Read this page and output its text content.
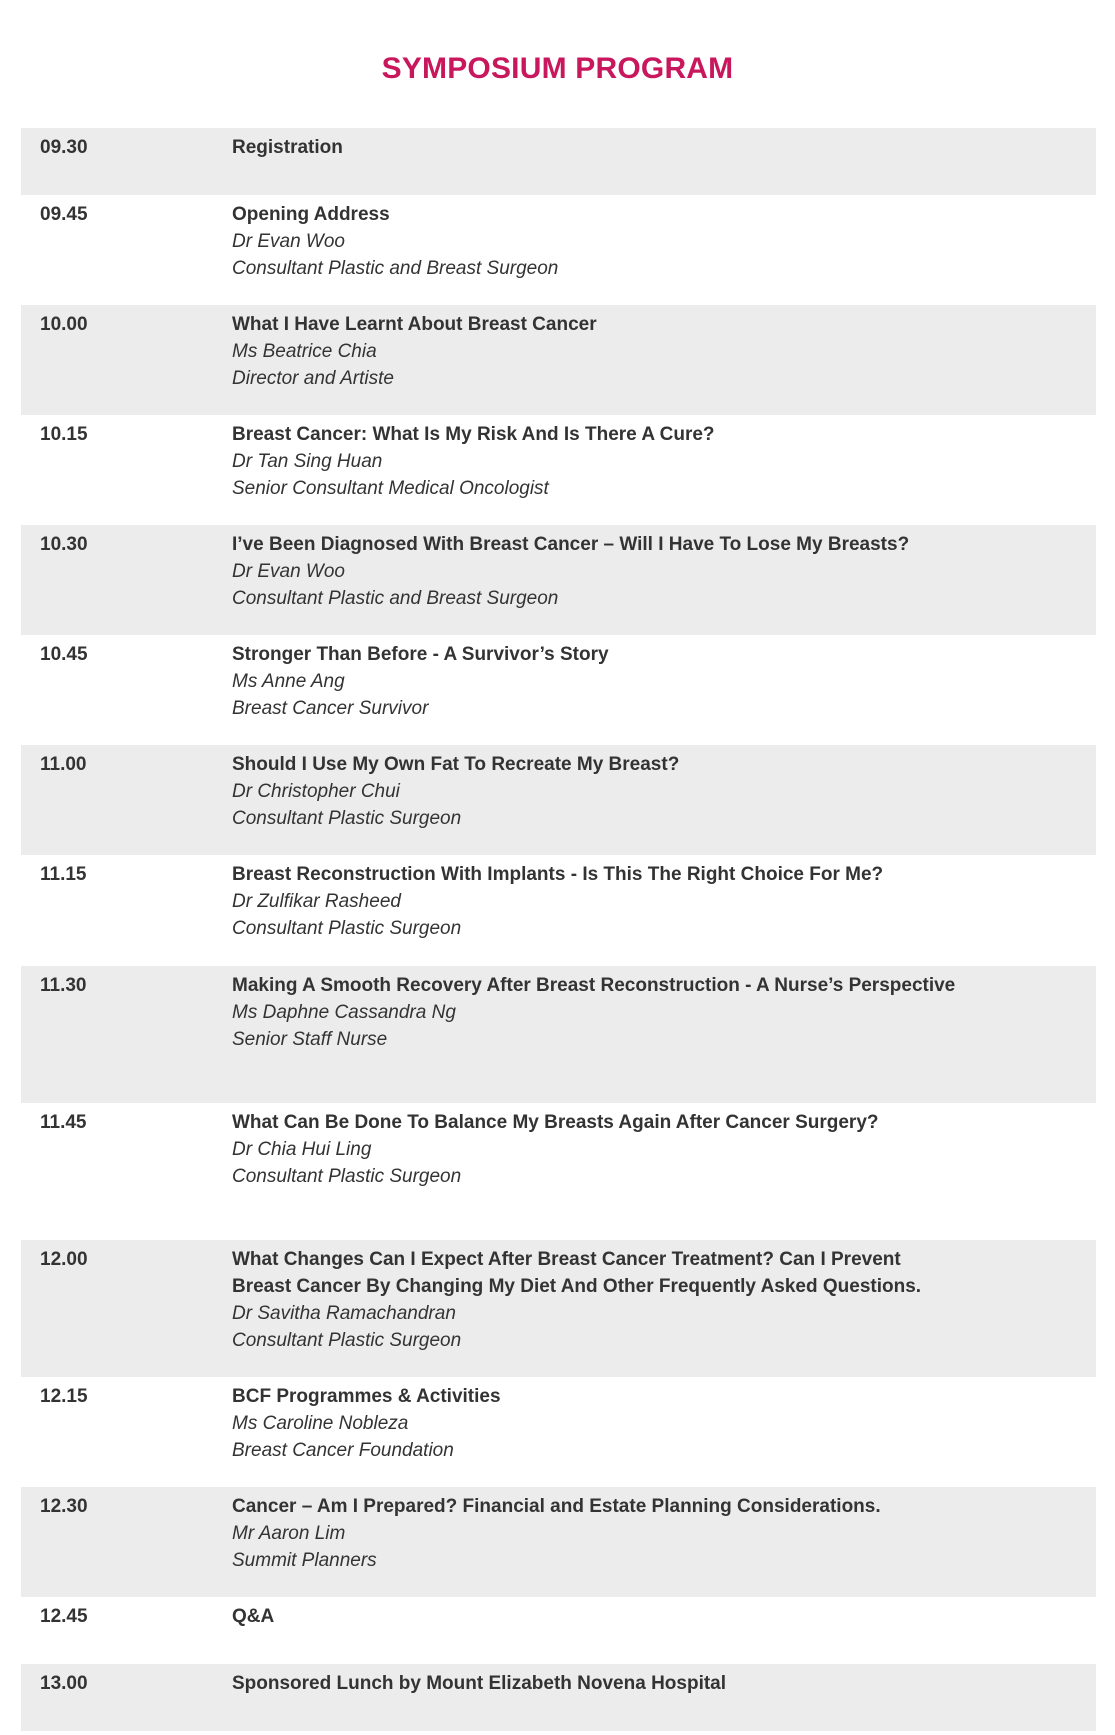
SYMPOSIUM PROGRAM
09.30	Registration
09.45	Opening Address
Dr Evan Woo
Consultant Plastic and Breast Surgeon
10.00	What I Have Learnt About Breast Cancer
Ms Beatrice Chia
Director and Artiste
10.15	Breast Cancer: What Is My Risk And Is There A Cure?
Dr Tan Sing Huan
Senior Consultant Medical Oncologist
10.30	I’ve Been Diagnosed With Breast Cancer – Will I Have To Lose My Breasts?
Dr Evan Woo
Consultant Plastic and Breast Surgeon
10.45	Stronger Than Before - A Survivor’s Story
Ms Anne Ang
Breast Cancer Survivor
11.00	Should I Use My Own Fat To Recreate My Breast?
Dr Christopher Chui
Consultant Plastic Surgeon
11.15	Breast Reconstruction With Implants - Is This The Right Choice For Me?
Dr Zulfikar Rasheed
Consultant Plastic Surgeon
11.30	Making A Smooth Recovery After Breast Reconstruction - A Nurse’s Perspective
Ms Daphne Cassandra Ng
Senior Staff Nurse
11.45	What Can Be Done To Balance My Breasts Again After Cancer Surgery?
Dr Chia Hui Ling
Consultant Plastic Surgeon
12.00	What Changes Can I Expect After Breast Cancer Treatment? Can I Prevent Breast Cancer By Changing My Diet And Other Frequently Asked Questions.
Dr Savitha Ramachandran
Consultant Plastic Surgeon
12.15	BCF Programmes & Activities
Ms Caroline Nobleza
Breast Cancer Foundation
12.30	Cancer – Am I Prepared? Financial and Estate Planning Considerations.
Mr Aaron Lim
Summit Planners
12.45	Q&A
13.00	Sponsored Lunch by Mount Elizabeth Novena Hospital
